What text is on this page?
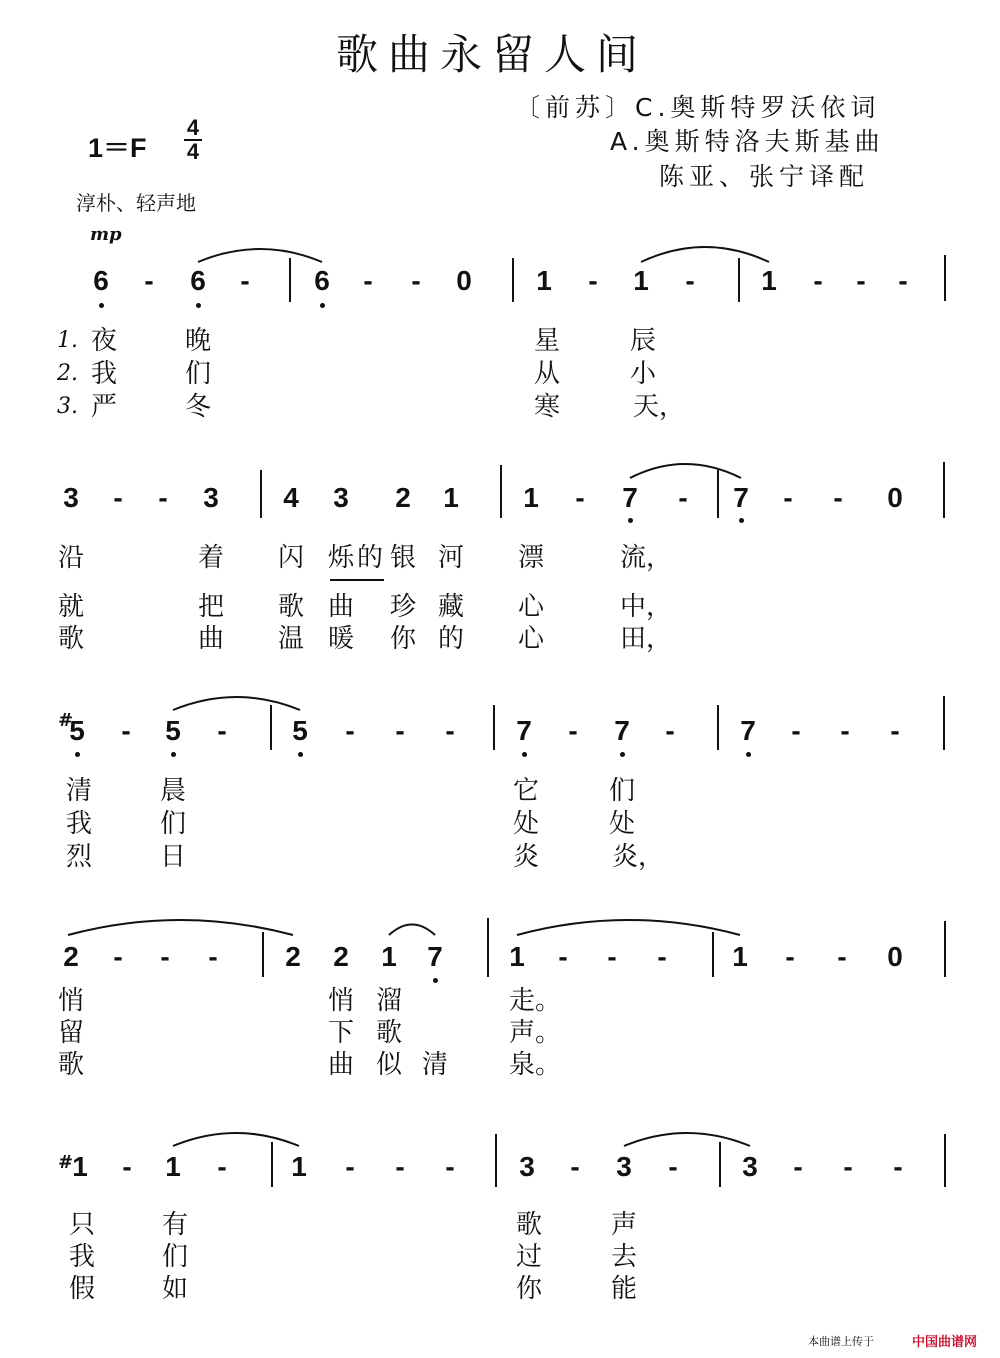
歌曲永留人间
〔前苏〕C.奥斯特罗沃依词
A.奥斯特洛夫斯基曲
陈亚、张宁译配
1＝F
4
4
淳朴、轻声地
mp
1.
2.
3.
6	-	6	-	6	-	-	0 1	-	1	-	1	-	-	-
夜	晚	星	辰
我	们	从	小
严	冬	寒	天，
3	-	-	3 4 3 2 1 1	-	7	-	7	-	-	0
沿	着 闪 烁 的 银 河 漂	流，
就	把 歌 曲 珍 藏 心	中，
歌	曲 温 暖 你 的 心	田，
#
5	-	5	-	5	-	-	-	7	-	7	-	7	-	-	-
清	晨	它	们
我	们	处	处
烈	日	炎	炎，
2	-	-	-	2 2 1 7 1	-	-	-	1	-	-	0
悄	悄 溜	走。
留	下 歌	声。
歌	曲 似 清 泉。
# 1	-	1	-	1	-	-	-	3	-	3	-	3	-	-	-
只	有	歌	声
我	们	过	去
假	如	你	能
本曲谱上传于	中国曲谱网
